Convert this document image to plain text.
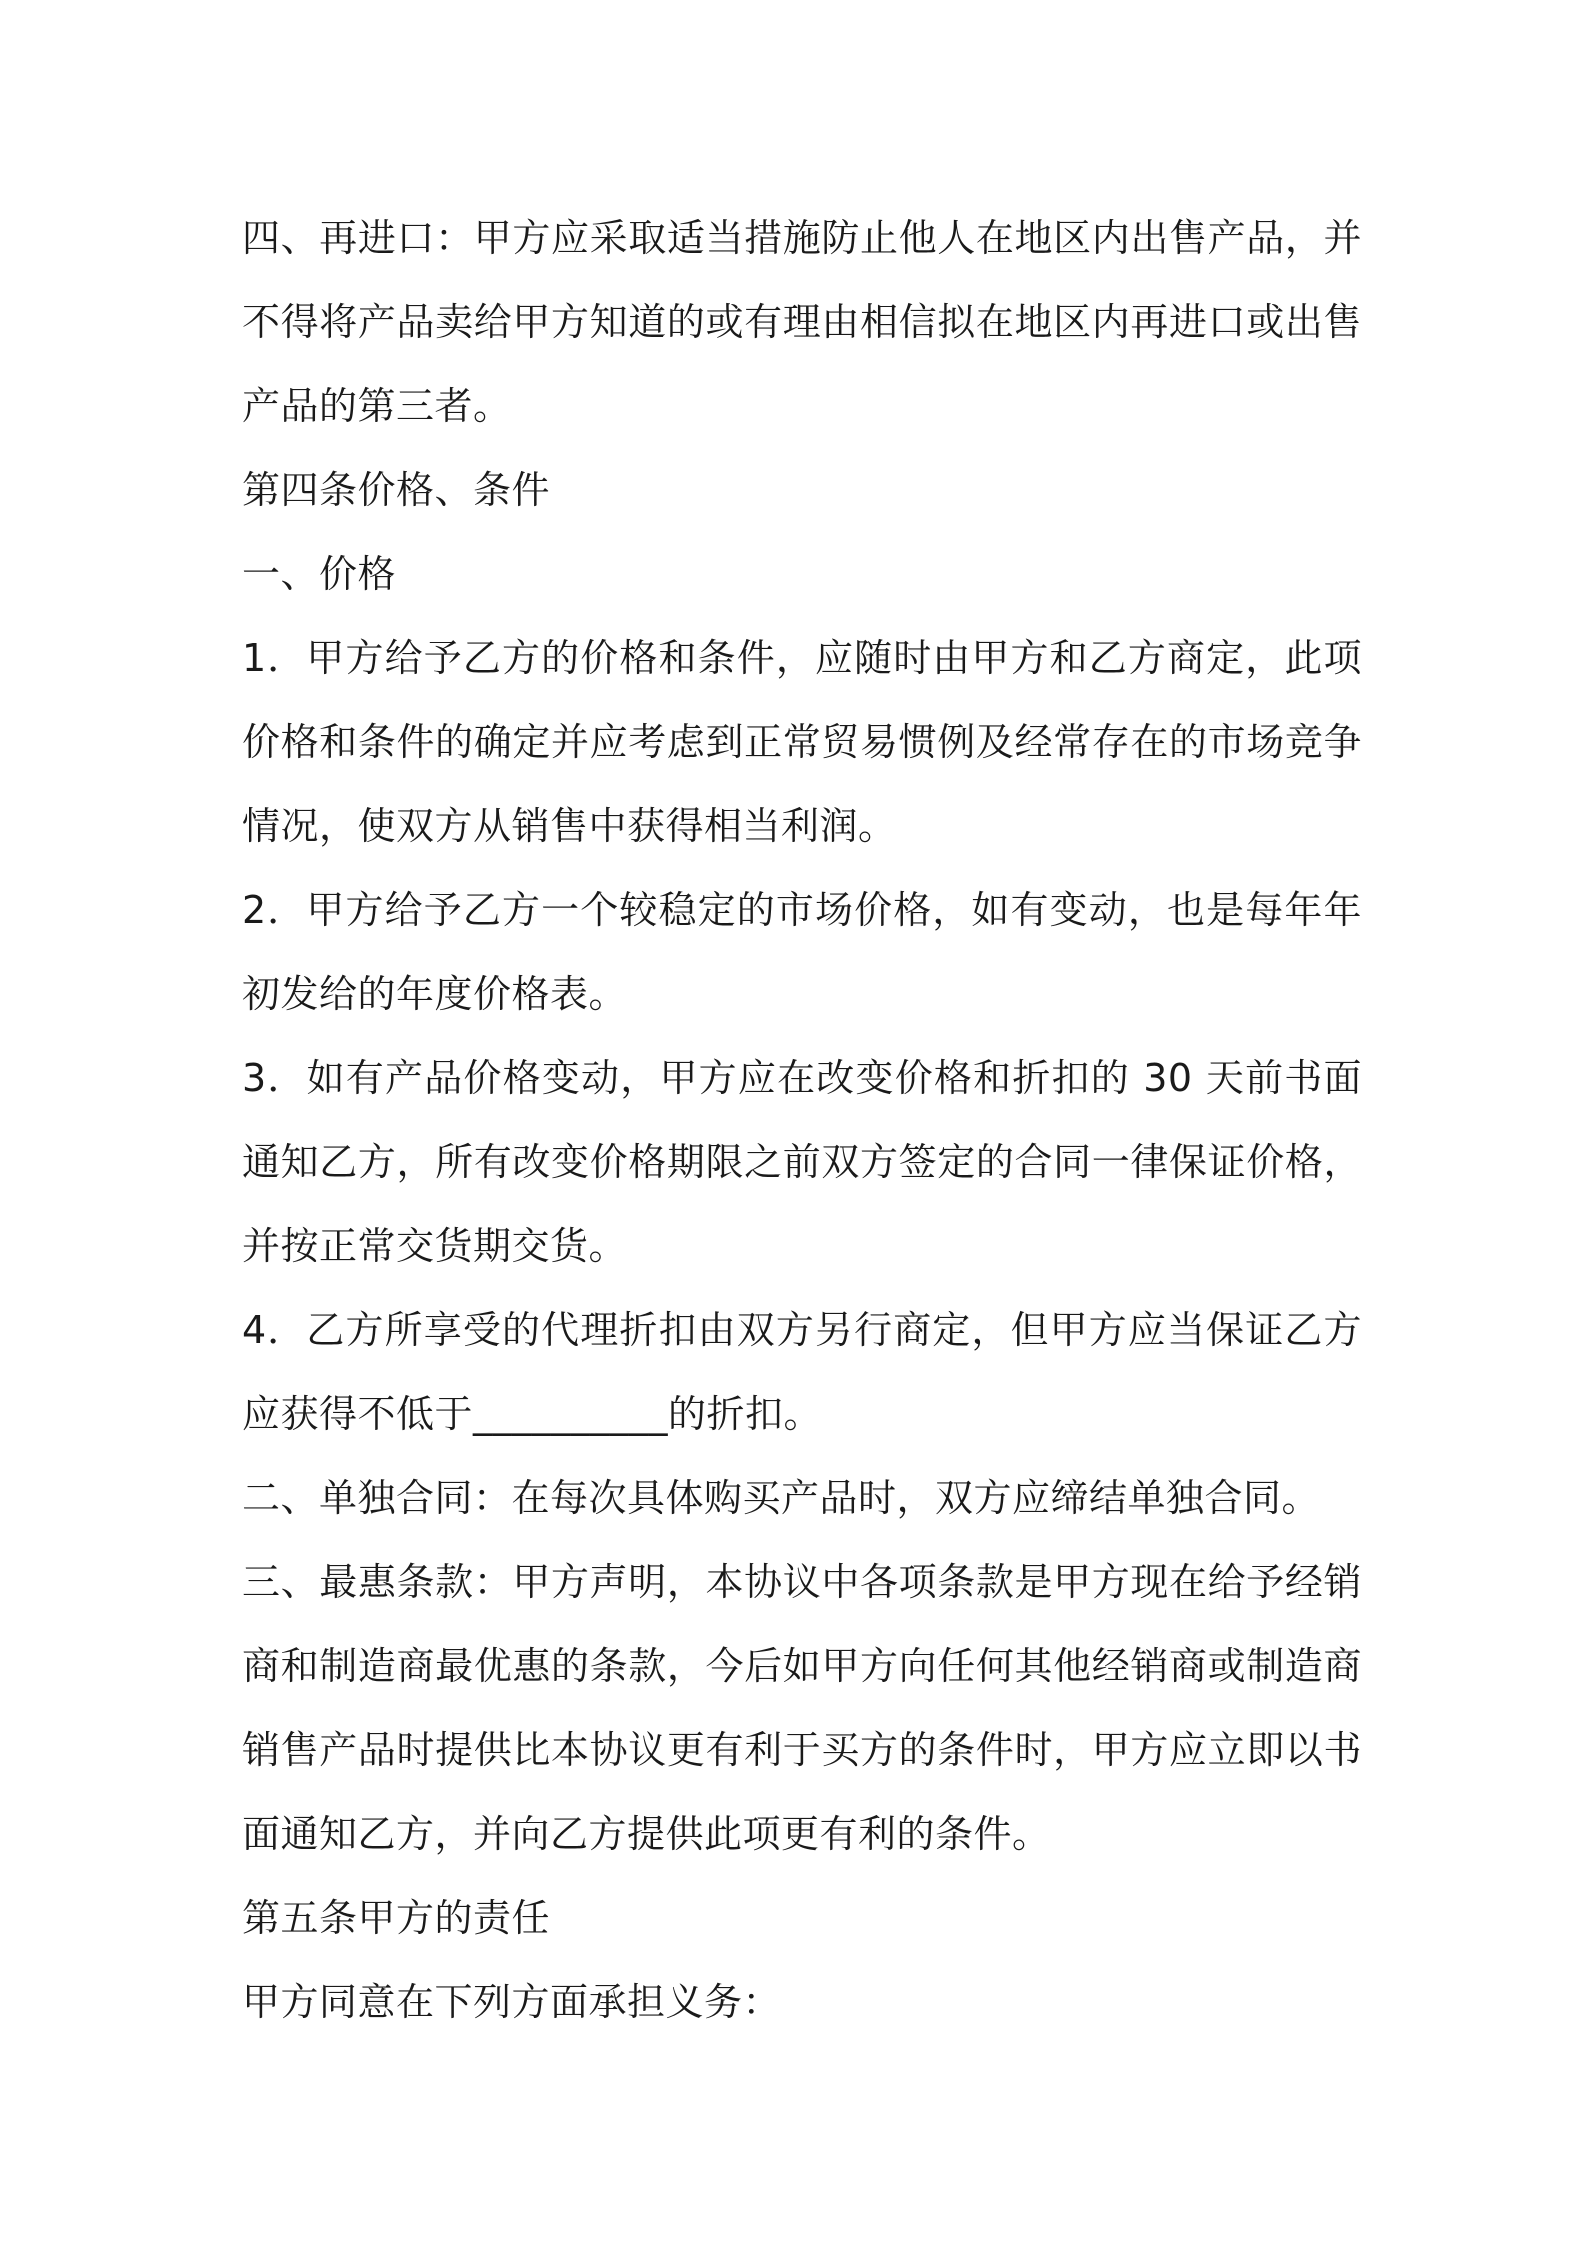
四、再进口：甲方应采取适当措施防止他人在地区内出售产品，并不得将产品卖给甲方知道的或有理由相信拟在地区内再进口或出售产品的第三者。

第四条价格、条件

一、价格

1．甲方给予乙方的价格和条件，应随时由甲方和乙方商定，此项价格和条件的确定并应考虑到正常贸易惯例及经常存在的市场竞争情况，使双方从销售中获得相当利润。

2．甲方给予乙方一个较稳定的市场价格，如有变动，也是每年年初发给的年度价格表。

3．如有产品价格变动，甲方应在改变价格和折扣的 30 天前书面通知乙方，所有改变价格期限之前双方签定的合同一律保证价格，并按正常交货期交货。

4．乙方所享受的代理折扣由双方另行商定，但甲方应当保证乙方应获得不低于__________的折扣。

二、单独合同：在每次具体购买产品时，双方应缔结单独合同。

三、最惠条款：甲方声明，本协议中各项条款是甲方现在给予经销商和制造商最优惠的条款，今后如甲方向任何其他经销商或制造商销售产品时提供比本协议更有利于买方的条件时，甲方应立即以书面通知乙方，并向乙方提供此项更有利的条件。

第五条甲方的责任

甲方同意在下列方面承担义务：
